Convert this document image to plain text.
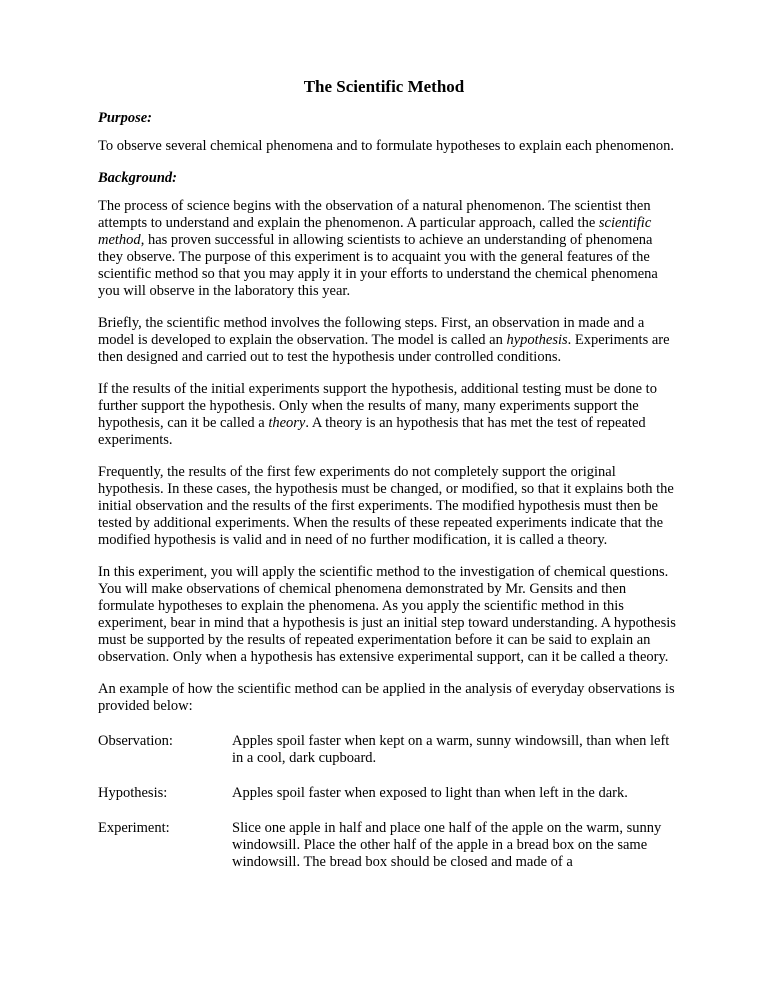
The Scientific Method
Purpose:

To observe several chemical phenomena and to formulate hypotheses to explain each phenomenon.

Background:

The process of science begins with the observation of a natural phenomenon. The scientist then attempts to understand and explain the phenomenon. A particular approach, called the scientific method, has proven successful in allowing scientists to achieve an understanding of phenomena they observe. The purpose of this experiment is to acquaint you with the general features of the scientific method so that you may apply it in your efforts to understand the chemical phenomena you will observe in the laboratory this year.

Briefly, the scientific method involves the following steps. First, an observation in made and a model is developed to explain the observation. The model is called an hypothesis. Experiments are then designed and carried out to test the hypothesis under controlled conditions.

If the results of the initial experiments support the hypothesis, additional testing must be done to further support the hypothesis. Only when the results of many, many experiments support the hypothesis, can it be called a theory. A theory is an hypothesis that has met the test of repeated experiments.

Frequently, the results of the first few experiments do not completely support the original hypothesis. In these cases, the hypothesis must be changed, or modified, so that it explains both the initial observation and the results of the first experiments. The modified hypothesis must then be tested by additional experiments. When the results of these repeated experiments indicate that the modified hypothesis is valid and in need of no further modification, it is called a theory.

In this experiment, you will apply the scientific method to the investigation of chemical questions. You will make observations of chemical phenomena demonstrated by Mr. Gensits and then formulate hypotheses to explain the phenomena. As you apply the scientific method in this experiment, bear in mind that a hypothesis is just an initial step toward understanding. A hypothesis must be supported by the results of repeated experimentation before it can be said to explain an observation. Only when a hypothesis has extensive experimental support, can it be called a theory.

An example of how the scientific method can be applied in the analysis of everyday observations is provided below:

Observation:	Apples spoil faster when kept on a warm, sunny windowsill, than when left in a cool, dark cupboard.
Hypothesis:	Apples spoil faster when exposed to light than when left in the dark.
Experiment:	Slice one apple in half and place one half of the apple on the warm, sunny windowsill. Place the other half of the apple in a bread box on the same windowsill. The bread box should be closed and made of a
